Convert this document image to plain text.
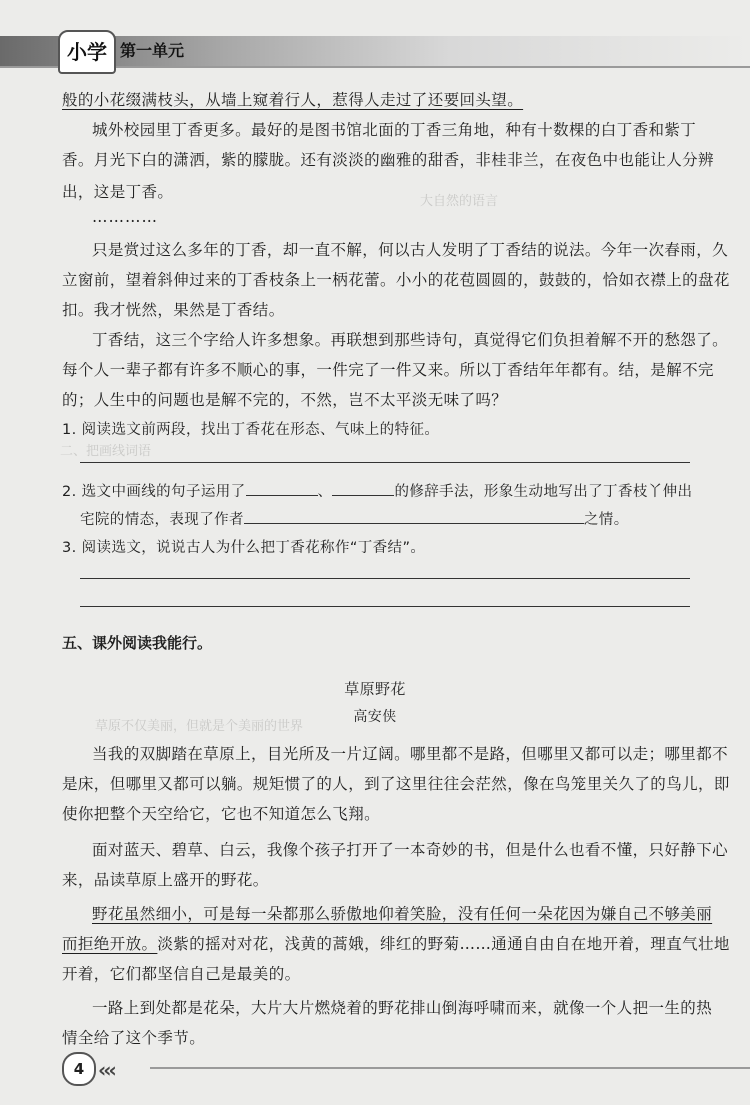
大自然的语言
二、把画线词语
草原不仅美丽，但就是个美丽的世界
小学 第一单元
般的小花缀满枝头，从墙上窥着行人，惹得人走过了还要回头望。
城外校园里丁香更多。最好的是图书馆北面的丁香三角地，种有十数棵的白丁香和紫丁
香。月光下白的潇洒，紫的朦胧。还有淡淡的幽雅的甜香，非桂非兰，在夜色中也能让人分辨
出，这是丁香。
…………
只是赏过这么多年的丁香，却一直不解，何以古人发明了丁香结的说法。今年一次春雨，久
立窗前，望着斜伸过来的丁香枝条上一柄花蕾。小小的花苞圆圆的，鼓鼓的，恰如衣襟上的盘花
扣。我才恍然，果然是丁香结。
丁香结，这三个字给人许多想象。再联想到那些诗句，真觉得它们负担着解不开的愁怨了。
每个人一辈子都有许多不顺心的事，一件完了一件又来。所以丁香结年年都有。结，是解不完
的；人生中的问题也是解不完的，不然，岂不太平淡无味了吗？
1. 阅读选文前两段，找出丁香花在形态、气味上的特征。
2. 选文中画线的句子运用了	、	的修辞手法，形象生动地写出了丁香枝丫伸出
宅院的情态，表现了作者	之情。
3. 阅读选文，说说古人为什么把丁香花称作“丁香结”。
五、课外阅读我能行。
草原野花
高安侠
当我的双脚踏在草原上，目光所及一片辽阔。哪里都不是路，但哪里又都可以走；哪里都不
是床，但哪里又都可以躺。规矩惯了的人，到了这里往往会茫然，像在鸟笼里关久了的鸟儿，即
使你把整个天空给它，它也不知道怎么飞翔。
面对蓝天、碧草、白云，我像个孩子打开了一本奇妙的书，但是什么也看不懂，只好静下心
来，品读草原上盛开的野花。
野花虽然细小，可是每一朵都那么骄傲地仰着笑脸，没有任何一朵花因为嫌自己不够美丽
而拒绝开放。淡紫的摇对对花，浅黄的蒿娥，绯红的野菊……通通自由自在地开着，理直气壮地
开着，它们都坚信自己是最美的。
一路上到处都是花朵，大片大片燃烧着的野花排山倒海呼啸而来，就像一个人把一生的热
情全给了这个季节。
4 ‹‹‹
